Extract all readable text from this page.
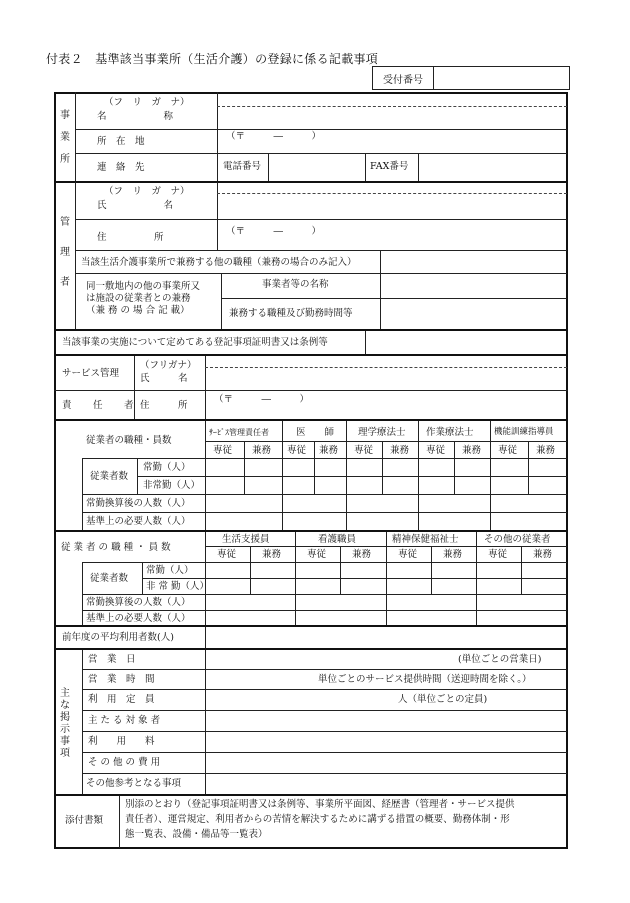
付表２　基準該当事業所（生活介護）の登録に係る記載事項
受付番号
事
業
所
（フ　リ　ガ　ナ）
名　　　　　　称
所　在　地	（〒　　　―　　　）
連　絡　先	電話番号	FAX番号
管
理
者
（フ　リ　ガ　ナ）
氏　　　　　　名
住　　　　　所
（〒　　　―　　　）
当該生活介護事業所で兼務する他の職種（兼務の場合のみ記入）
同一敷地内の他の事業所又
は施設の従業者との兼務
（兼 務 の 場 合 記 載）
事業者等の名称
兼務する職種及び勤務時間等
当該事業の実施について定めてある登記事項証明書又は条例等
サービス管理
責　任　者
（フリガナ）
氏　　　名
住　　　所
（〒　　　―　　　）
従業者の職種・員数
ｻｰﾋﾞｽ管理責任者	医　　師	理学療法士 作業療法士 機能訓練指導員
専従 兼務 専従 兼務 専従 兼務 専従 兼務 専従 兼務
従業者数
常勤（人）
非常勤（人）
常勤換算後の人数（人）
基準上の必要人数（人）
従 業 者 の 職 種 ・ 員 数
生活支援員	看護職員	精神保健福祉士	その他の従業者
専従	兼務	専従	兼務	専従	兼務	専従	兼務
従業者数
常勤（人）
非 常 勤（人）
常勤換算後の人数（人）
基準上の必要人数（人）
前年度の平均利用者数(人)
主
な
掲
示
事
項
営　業　日	(単位ごとの営業日)
営　業　時　間	単位ごとのサービス提供時間（送迎時間を除く。）
利　用　定　員	人（単位ごとの定員)
主 た る 対 象 者
利　　用　　料
そ の 他 の 費 用
その他参考となる事項
添付書類
別添のとおり（登記事項証明書又は条例等、事業所平面図、経歴書（管理者・サービス提供
責任者）、運営規定、利用者からの苦情を解決するために講ずる措置の概要、勤務体制・形
態一覧表、設備・備品等一覧表）
